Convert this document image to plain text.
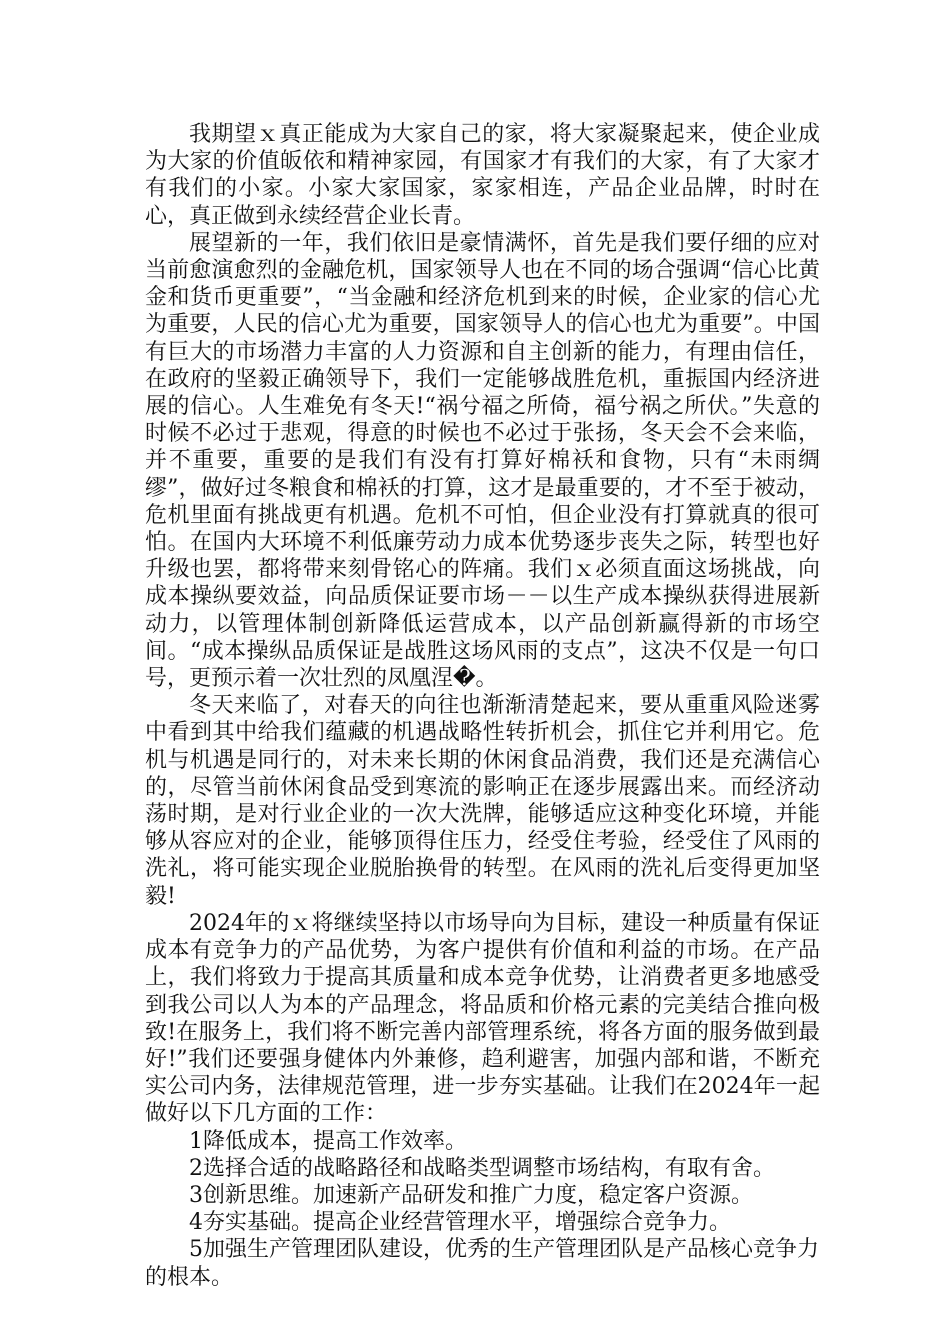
我期望ｘ真正能成为大家自己的家，将大家凝聚起来，使企业成为大家的价值皈依和精神家园，有国家才有我们的大家，有了大家才有我们的小家。小家大家国家，家家相连，产品企业品牌，时时在心，真正做到永续经营企业长青。

展望新的一年，我们依旧是豪情满怀，首先是我们要仔细的应对当前愈演愈烈的金融危机，国家领导人也在不同的场合强调“信心比黄金和货币更重要”，“当金融和经济危机到来的时候，企业家的信心尤为重要，人民的信心尤为重要，国家领导人的信心也尤为重要”。中国有巨大的市场潜力丰富的人力资源和自主创新的能力，有理由信任，在政府的坚毅正确领导下，我们一定能够战胜危机，重振国内经济进展的信心。人生难免有冬天!“祸兮福之所倚，福兮祸之所伏。”失意的时候不必过于悲观，得意的时候也不必过于张扬，冬天会不会来临，并不重要，重要的是我们有没有打算好棉袄和食物，只有“未雨绸缪”，做好过冬粮食和棉袄的打算，这才是最重要的，才不至于被动，危机里面有挑战更有机遇。危机不可怕，但企业没有打算就真的很可怕。在国内大环境不利低廉劳动力成本优势逐步丧失之际，转型也好升级也罢，都将带来刻骨铭心的阵痛。我们ｘ必须直面这场挑战，向成本操纵要效益，向品质保证要市场－－以生产成本操纵获得进展新动力，以管理体制创新降低运营成本，以产品创新赢得新的市场空间。“成本操纵品质保证是战胜这场风雨的支点”，这决不仅是一句口号，更预示着一次壮烈的凤凰涅�。

冬天来临了，对春天的向往也渐渐清楚起来，要从重重风险迷雾中看到其中给我们蕴藏的机遇战略性转折机会，抓住它并利用它。危机与机遇是同行的，对未来长期的休闲食品消费，我们还是充满信心的，尽管当前休闲食品受到寒流的影响正在逐步展露出来。而经济动荡时期，是对行业企业的一次大洗牌，能够适应这种变化环境，并能够从容应对的企业，能够顶得住压力，经受住考验，经受住了风雨的洗礼，将可能实现企业脱胎换骨的转型。在风雨的洗礼后变得更加坚毅!

2024年的ｘ将继续坚持以市场导向为目标，建设一种质量有保证成本有竞争力的产品优势，为客户提供有价值和利益的市场。在产品上，我们将致力于提高其质量和成本竞争优势，让消费者更多地感受到我公司以人为本的产品理念，将品质和价格元素的完美结合推向极致!在服务上，我们将不断完善内部管理系统，将各方面的服务做到最好!”我们还要强身健体内外兼修，趋利避害，加强内部和谐，不断充实公司内务，法律规范管理，进一步夯实基础。让我们在2024年一起做好以下几方面的工作：

1降低成本，提高工作效率。

2选择合适的战略路径和战略类型调整市场结构，有取有舍。

3创新思维。加速新产品研发和推广力度，稳定客户资源。

4夯实基础。提高企业经营管理水平，增强综合竞争力。

5加强生产管理团队建设，优秀的生产管理团队是产品核心竞争力的根本。
